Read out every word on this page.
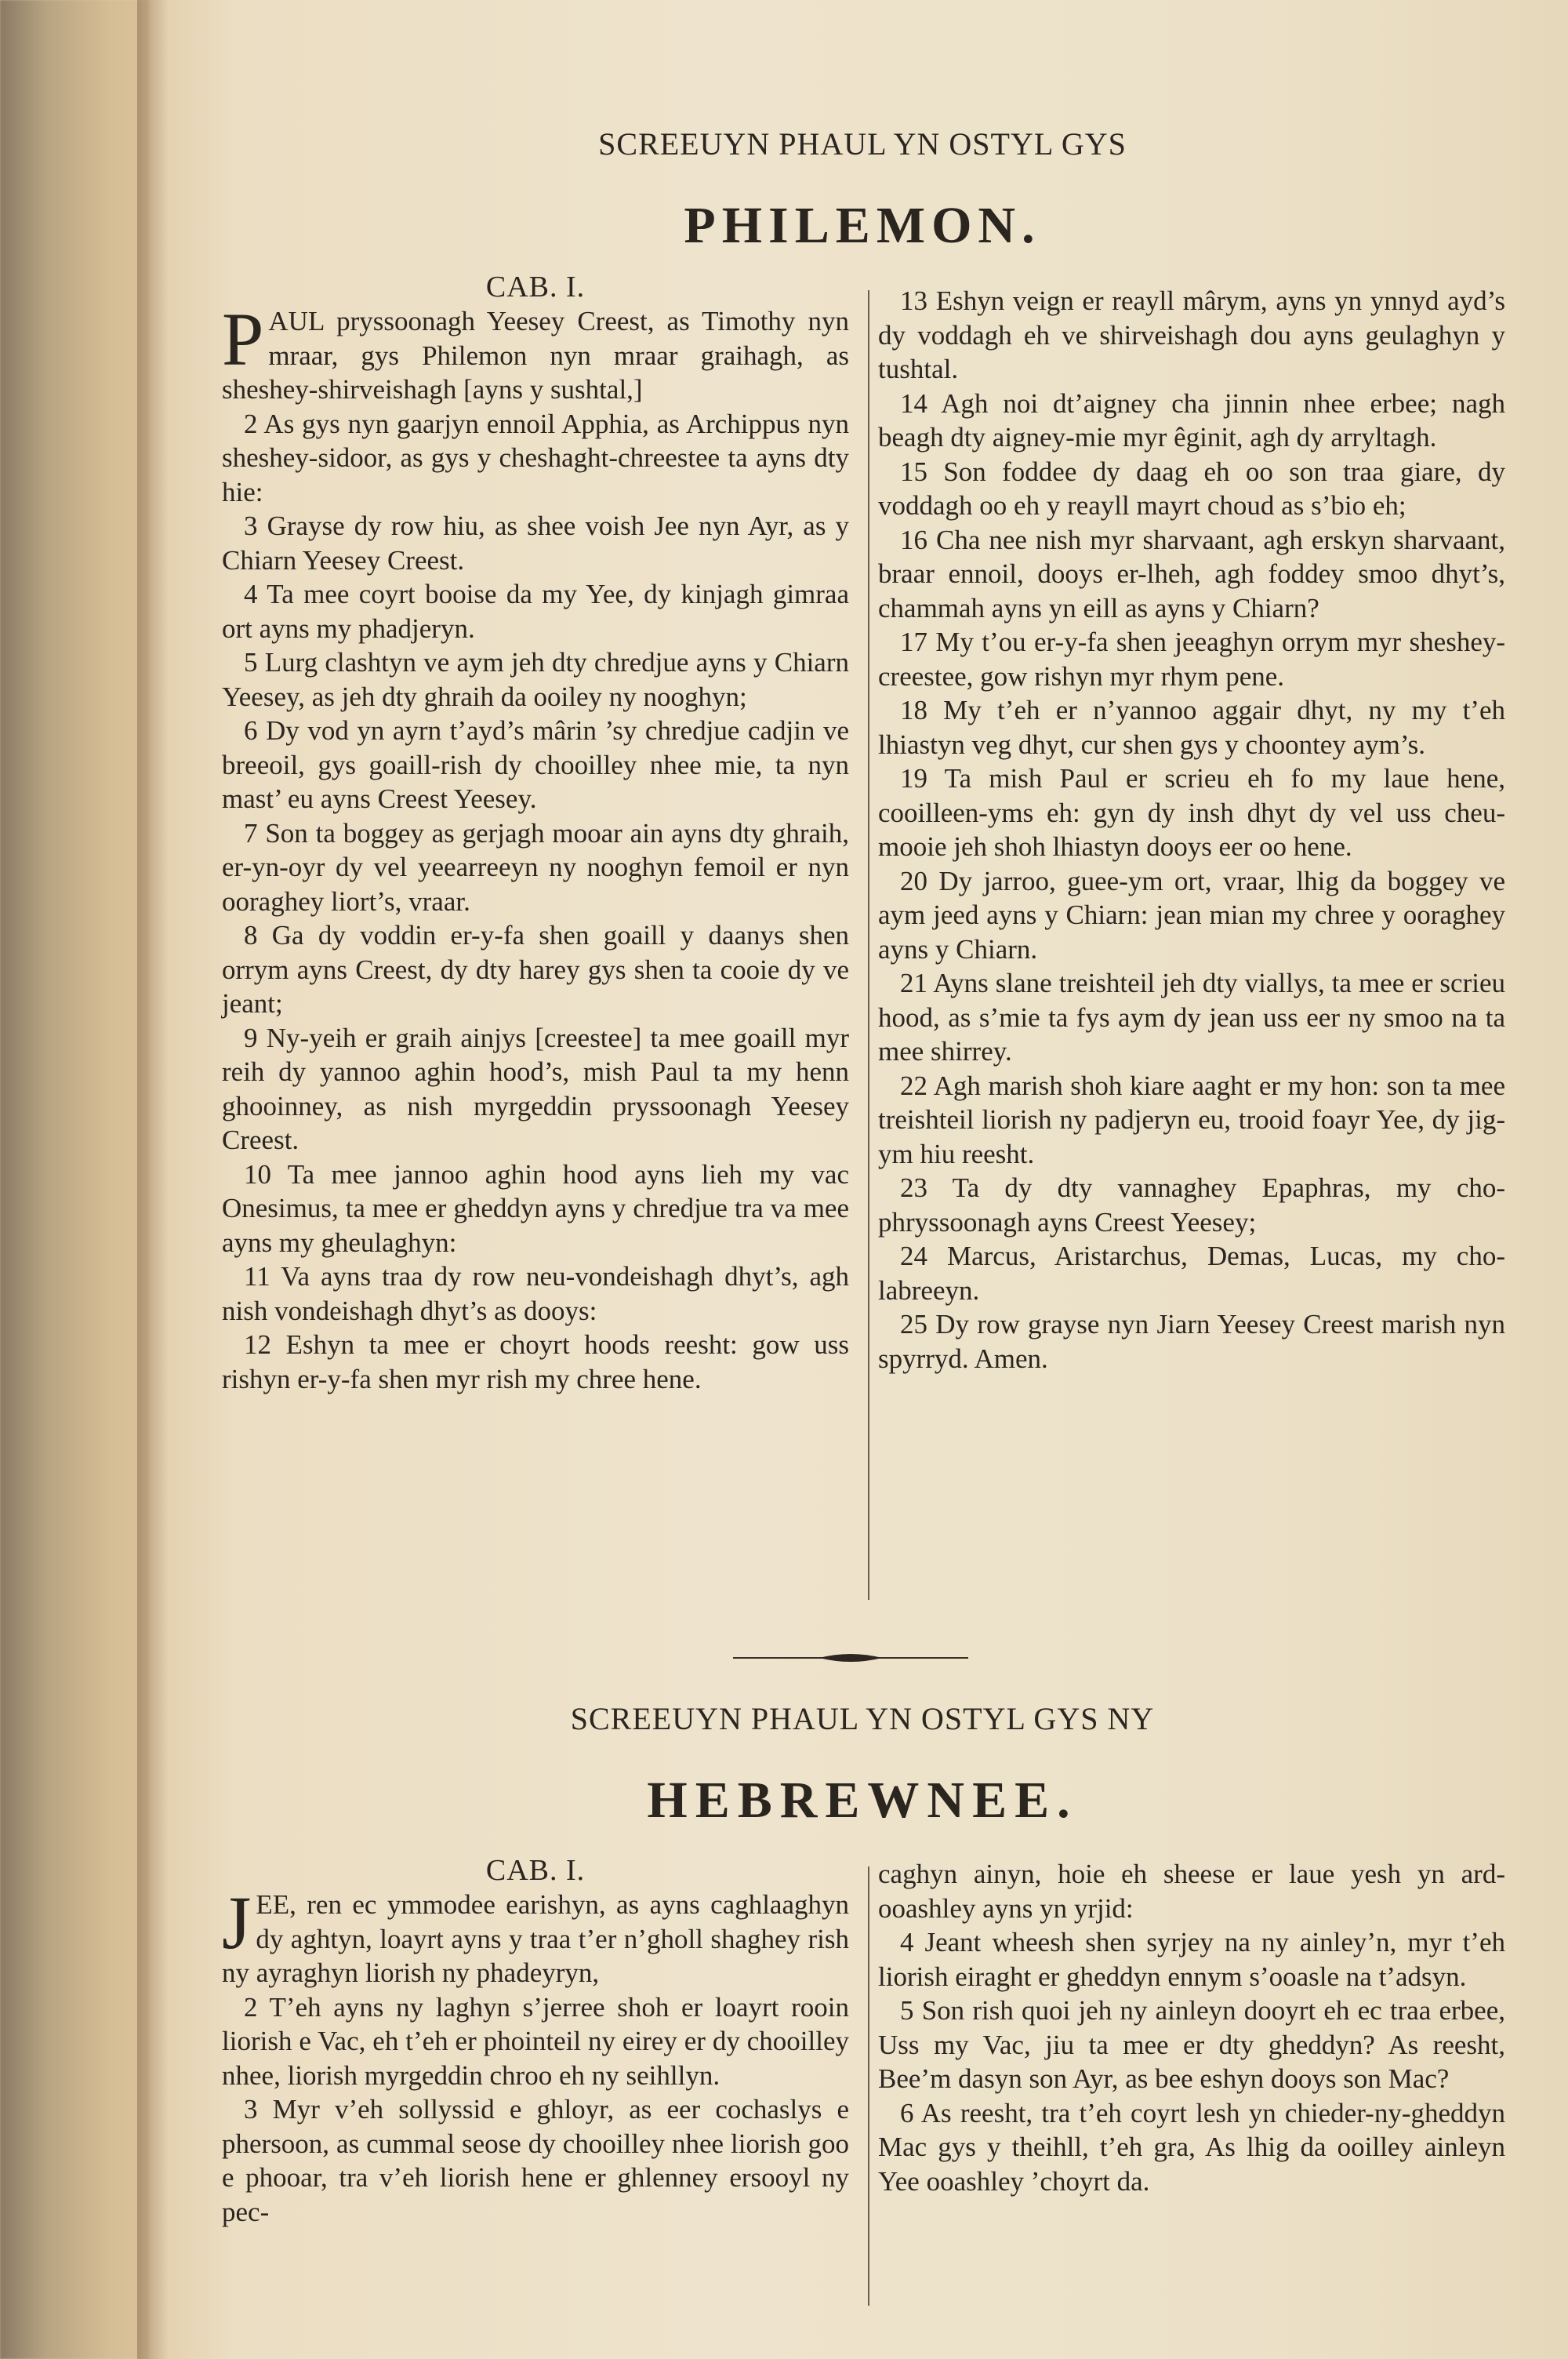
SCREEUYN PHAUL YN OSTYL GYS
PHILEMON.

CAB. I.

PAUL pryssoonagh Yeesey Creest, as Timothy nyn mraar, gys Philemon nyn mraar graihagh, as sheshey-shirveishagh [ayns y sushtal,]

2 As gys nyn gaarjyn ennoil Apphia, as Archippus nyn sheshey-sidoor, as gys y cheshaght-chreestee ta ayns dty hie:

3 Grayse dy row hiu, as shee voish Jee nyn Ayr, as y Chiarn Yeesey Creest.

4 Ta mee coyrt booise da my Yee, dy kinjagh gimraa ort ayns my phadjeryn.

5 Lurg clashtyn ve aym jeh dty chredjue ayns y Chiarn Yeesey, as jeh dty ghraih da ooiley ny nooghyn;

6 Dy vod yn ayrn t’ayd’s mârin ’sy chredjue cadjin ve breeoil, gys goaill-rish dy chooilley nhee mie, ta nyn mast’ eu ayns Creest Yeesey.

7 Son ta boggey as gerjagh mooar ain ayns dty ghraih, er-yn-oyr dy vel yeearreeyn ny nooghyn femoil er nyn ooraghey liort’s, vraar.

8 Ga dy voddin er-y-fa shen goaill y daanys shen orrym ayns Creest, dy dty harey gys shen ta cooie dy ve jeant;

9 Ny-yeih er graih ainjys [creestee] ta mee goaill myr reih dy yannoo aghin hood’s, mish Paul ta my henn ghooinney, as nish myrgeddin pryssoonagh Yeesey Creest.

10 Ta mee jannoo aghin hood ayns lieh my vac Onesimus, ta mee er gheddyn ayns y chredjue tra va mee ayns my gheulaghyn:

11 Va ayns traa dy row neu-vondeishagh dhyt’s, agh nish vondeishagh dhyt’s as dooys:

12 Eshyn ta mee er choyrt hoods reesht: gow uss rishyn er-y-fa shen myr rish my chree hene.

13 Eshyn veign er reayll mârym, ayns yn ynnyd ayd’s dy voddagh eh ve shirveishagh dou ayns geulaghyn y tushtal.

14 Agh noi dt’aigney cha jinnin nhee erbee; nagh beagh dty aigney-mie myr êginit, agh dy arryltagh.

15 Son foddee dy daag eh oo son traa giare, dy voddagh oo eh y reayll mayrt choud as s’bio eh;

16 Cha nee nish myr sharvaant, agh erskyn sharvaant, braar ennoil, dooys er-lheh, agh foddey smoo dhyt’s, chammah ayns yn eill as ayns y Chiarn?

17 My t’ou er-y-fa shen jeeaghyn orrym myr sheshey-creestee, gow rishyn myr rhym pene.

18 My t’eh er n’yannoo aggair dhyt, ny my t’eh lhiastyn veg dhyt, cur shen gys y choontey aym’s.

19 Ta mish Paul er scrieu eh fo my laue hene, cooilleen-yms eh: gyn dy insh dhyt dy vel uss cheu-mooie jeh shoh lhiastyn dooys eer oo hene.

20 Dy jarroo, guee-ym ort, vraar, lhig da boggey ve aym jeed ayns y Chiarn: jean mian my chree y ooraghey ayns y Chiarn.

21 Ayns slane treishteil jeh dty viallys, ta mee er scrieu hood, as s’mie ta fys aym dy jean uss eer ny smoo na ta mee shirrey.

22 Agh marish shoh kiare aaght er my hon: son ta mee treishteil liorish ny padjeryn eu, trooid foayr Yee, dy jig-ym hiu reesht.

23 Ta dy dty vannaghey Epaphras, my cho-phryssoonagh ayns Creest Yeesey;

24 Marcus, Aristarchus, Demas, Lucas, my cho-labreeyn.

25 Dy row grayse nyn Jiarn Yeesey Creest marish nyn spyrryd. Amen.

SCREEUYN PHAUL YN OSTYL GYS NY
HEBREWNEE.

CAB. I.

JEE, ren ec ymmodee earishyn, as ayns caghlaaghyn dy aghtyn, loayrt ayns y traa t’er n’gholl shaghey rish ny ayraghyn liorish ny phadeyryn,

2 T’eh ayns ny laghyn s’jerree shoh er loayrt rooin liorish e Vac, eh t’eh er phointeil ny eirey er dy chooilley nhee, liorish myrgeddin chroo eh ny seihllyn.

3 Myr v’eh sollyssid e ghloyr, as eer cochaslys e phersoon, as cummal seose dy chooilley nhee liorish goo e phooar, tra v’eh liorish hene er ghlenney ersooyl ny pec-

caghyn ainyn, hoie eh sheese er laue yesh yn ard-ooashley ayns yn yrjid:

4 Jeant wheesh shen syrjey na ny ainley’n, myr t’eh liorish eiraght er gheddyn ennym s’ooasle na t’adsyn.

5 Son rish quoi jeh ny ainleyn dooyrt eh ec traa erbee, Uss my Vac, jiu ta mee er dty gheddyn? As reesht, Bee’m dasyn son Ayr, as bee eshyn dooys son Mac?

6 As reesht, tra t’eh coyrt lesh yn chieder-ny-gheddyn Mac gys y theihll, t’eh gra, As lhig da ooilley ainleyn Yee ooashley ’choyrt da.
